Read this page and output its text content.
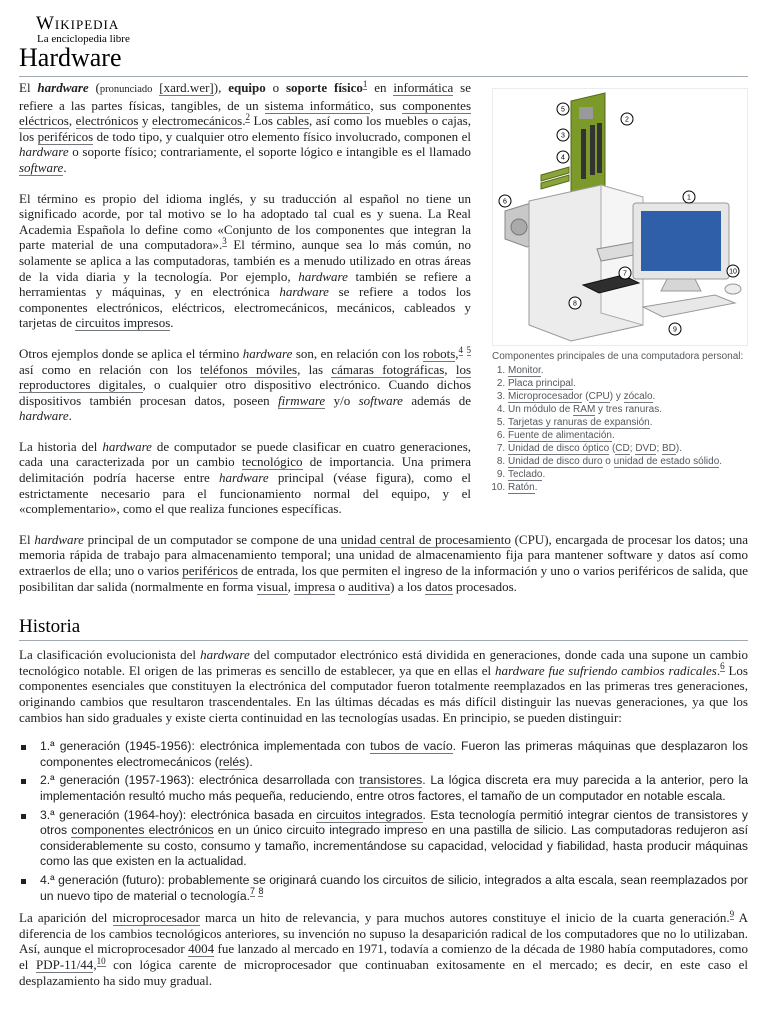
Wikipedia
La enciclopedia libre
Hardware
1
2
3
4
5
6
7
8
9
10
Componentes principales de una computadora personal:
1. Monitor.
2. Placa principal.
3. Microprocesador (CPU) y zócalo.
4. Un módulo de RAM y tres ranuras.
5. Tarjetas y ranuras de expansión.
6. Fuente de alimentación.
7. Unidad de disco óptico (CD; DVD; BD).
8. Unidad de disco duro o unidad de estado sólido.
9. Teclado.
10. Ratón.

El hardware (pronunciado [xard.wer]), equipo o soporte físico$^1$ en informática se refiere a las partes físicas, tangibles, de un sistema informático, sus componentes eléctricos, electrónicos y electromecánicos.$^2$ Los cables, así como los muebles o cajas, los periféricos de todo tipo, y cualquier otro elemento físico involucrado, componen el hardware o soporte físico; contrariamente, el soporte lógico e intangible es el llamado software.

El término es propio del idioma inglés, y su traducción al español no tiene un significado acorde, por tal motivo se lo ha adoptado tal cual es y suena. La Real Academia Española lo define como «Conjunto de los componentes que integran la parte material de una computadora».$^3$ El término, aunque sea lo más común, no solamente se aplica a las computadoras, también es a menudo utilizado en otras áreas de la vida diaria y la tecnología. Por ejemplo, hardware también se refiere a herramientas y máquinas, y en electrónica hardware se refiere a todos los componentes electrónicos, eléctricos, electromecánicos, mecánicos, cableados y tarjetas de circuitos impresos.

Otros ejemplos donde se aplica el término hardware son, en relación con los robots,$^4$ $^5$ así como en relación con los teléfonos móviles, las cámaras fotográficas, los reproductores digitales, o cualquier otro dispositivo electrónico. Cuando dichos dispositivos también procesan datos, poseen firmware y/o software además de hardware.

La historia del hardware de computador se puede clasificar en cuatro generaciones, cada una caracterizada por un cambio tecnológico de importancia. Una primera delimitación podría hacerse entre hardware principal (véase figura), como el estrictamente necesario para el funcionamiento normal del equipo, y el «complementario», como el que realiza funciones específicas.

El hardware principal de un computador se compone de una unidad central de procesamiento (CPU), encargada de procesar los datos; una memoria rápida de trabajo para almacenamiento temporal; una unidad de almacenamiento fija para mantener software y datos así como extraerlos de ella; uno o varios periféricos de entrada, los que permiten el ingreso de la información y uno o varios periféricos de salida, que posibilitan dar salida (normalmente en forma visual, impresa o auditiva) a los datos procesados.

Historia

La clasificación evolucionista del hardware del computador electrónico está dividida en generaciones, donde cada una supone un cambio tecnológico notable. El origen de las primeras es sencillo de establecer, ya que en ellas el hardware fue sufriendo cambios radicales.$^6$ Los componentes esenciales que constituyen la electrónica del computador fueron totalmente reemplazados en las primeras tres generaciones, originando cambios que resultaron trascendentales. En las últimas décadas es más difícil distinguir las nuevas generaciones, ya que los cambios han sido graduales y existe cierta continuidad en las tecnologías usadas. En principio, se pueden distinguir:

1.ª generación (1945-1956): electrónica implementada con tubos de vacío. Fueron las primeras máquinas que desplazaron los componentes electromecánicos (relés).
2.ª generación (1957-1963): electrónica desarrollada con transistores. La lógica discreta era muy parecida a la anterior, pero la implementación resultó mucho más pequeña, reduciendo, entre otros factores, el tamaño de un computador en notable escala.
3.ª generación (1964-hoy): electrónica basada en circuitos integrados. Esta tecnología permitió integrar cientos de transistores y otros componentes electrónicos en un único circuito integrado impreso en una pastilla de silicio. Las computadoras redujeron así considerablemente su costo, consumo y tamaño, incrementándose su capacidad, velocidad y fiabilidad, hasta producir máquinas como las que existen en la actualidad.
4.ª generación (futuro): probablemente se originará cuando los circuitos de silicio, integrados a alta escala, sean reemplazados por un nuevo tipo de material o tecnología.$^7$ $^8$

La aparición del microprocesador marca un hito de relevancia, y para muchos autores constituye el inicio de la cuarta generación.$^9$ A diferencia de los cambios tecnológicos anteriores, su invención no supuso la desaparición radical de los computadores que no lo utilizaban. Así, aunque el microprocesador 4004 fue lanzado al mercado en 1971, todavía a comienzo de la década de 1980 había computadores, como el PDP-11/44,10 con lógica carente de microprocesador que continuaban exitosamente en el mercado; es decir, en este caso el desplazamiento ha sido muy gradual.
